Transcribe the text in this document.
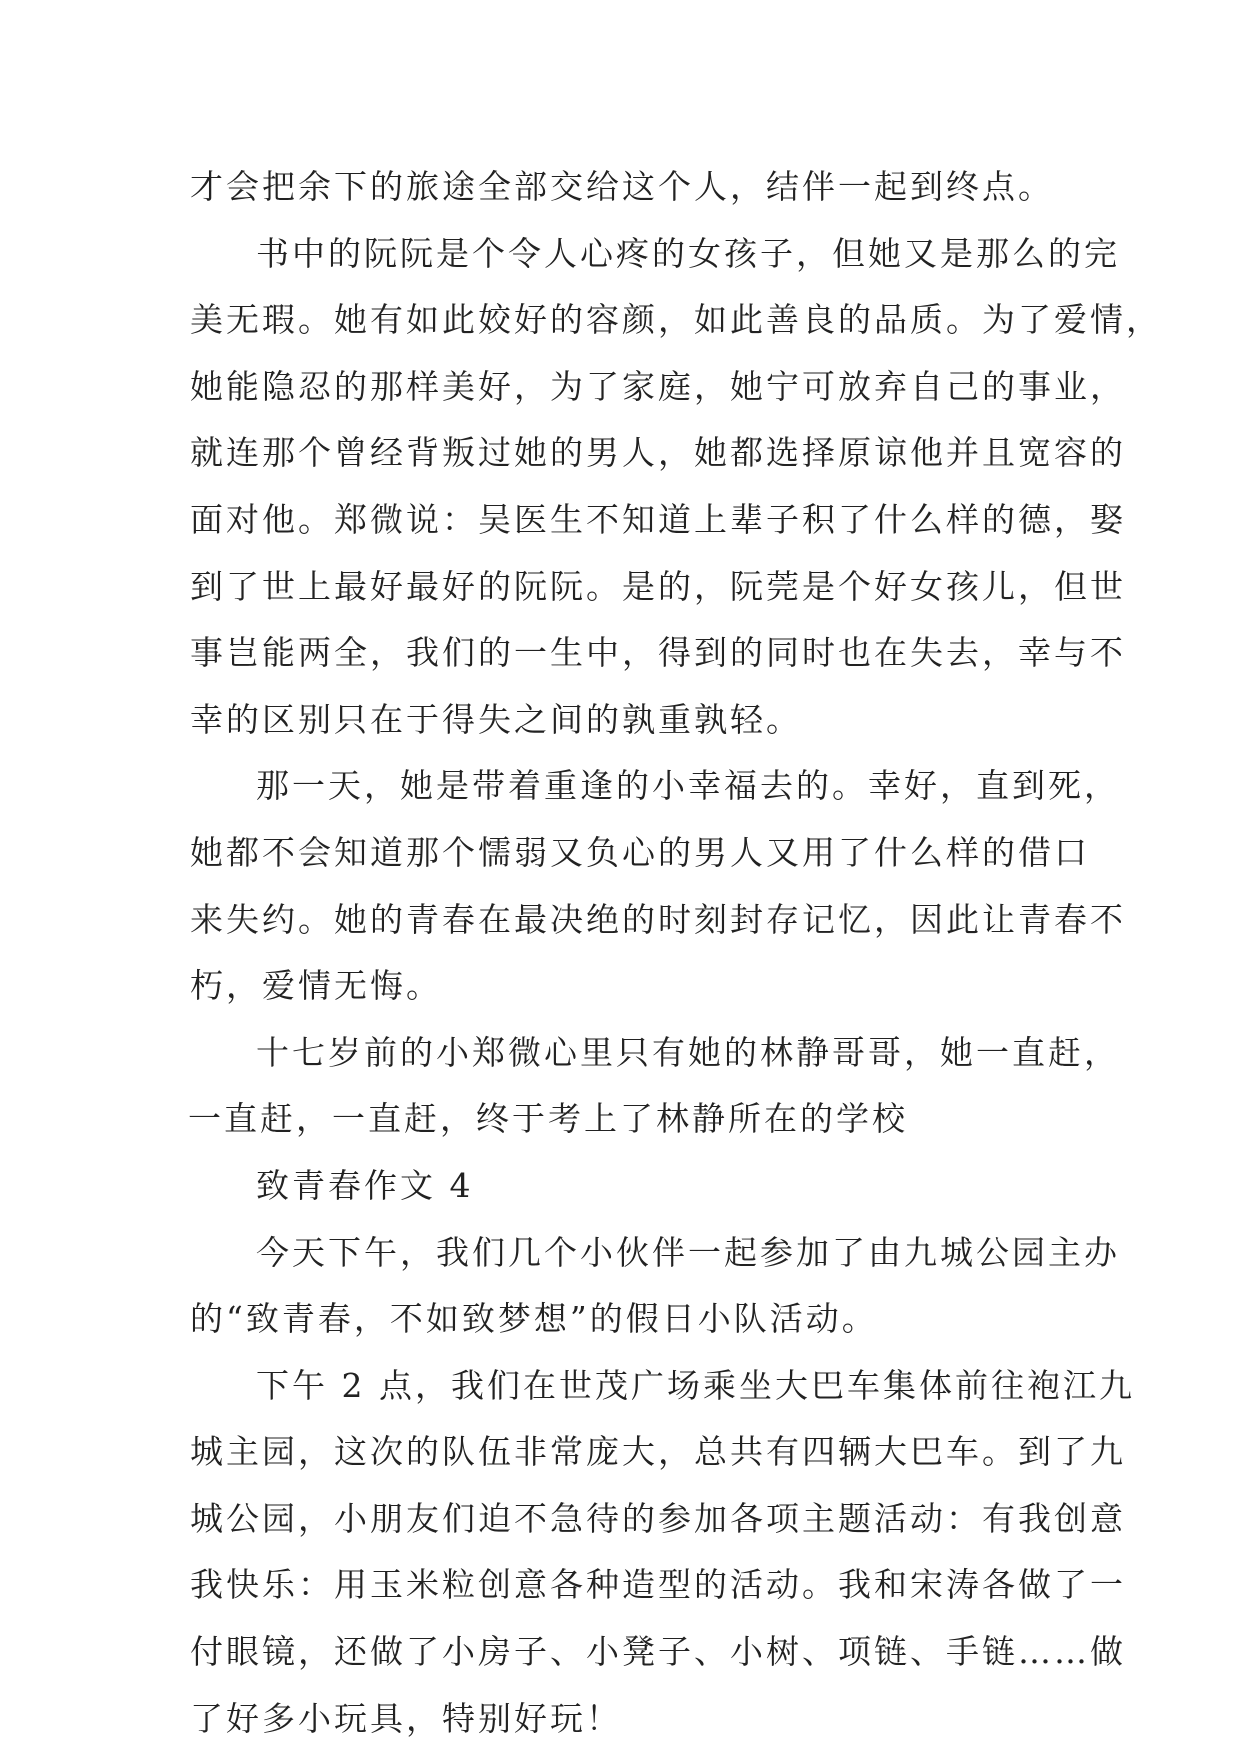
才会把余下的旅途全部交给这个人，结伴一起到终点。
书中的阮阮是个令人心疼的女孩子，但她又是那么的完
美无瑕。她有如此姣好的容颜，如此善良的品质。为了爱情，
她能隐忍的那样美好，为了家庭，她宁可放弃自己的事业，
就连那个曾经背叛过她的男人，她都选择原谅他并且宽容的
面对他。郑微说：吴医生不知道上辈子积了什么样的德，娶
到了世上最好最好的阮阮。是的，阮莞是个好女孩儿，但世
事岂能两全，我们的一生中，得到的同时也在失去，幸与不
幸的区别只在于得失之间的孰重孰轻。
那一天，她是带着重逢的小幸福去的。幸好，直到死，
她都不会知道那个懦弱又负心的男人又用了什么样的借口
来失约。她的青春在最决绝的时刻封存记忆，因此让青春不
朽，爱情无悔。
十七岁前的小郑微心里只有她的林静哥哥，她一直赶，
一直赶，一直赶，终于考上了林静所在的学校
致青春作文 4
今天下午，我们几个小伙伴一起参加了由九城公园主办
的“致青春，不如致梦想”的假日小队活动。
下午 2 点，我们在世茂广场乘坐大巴车集体前往袍江九
城主园，这次的队伍非常庞大，总共有四辆大巴车。到了九
城公园，小朋友们迫不急待的参加各项主题活动：有我创意
我快乐：用玉米粒创意各种造型的活动。我和宋涛各做了一
付眼镜，还做了小房子、小凳子、小树、项链、手链……做
了好多小玩具，特别好玩！
